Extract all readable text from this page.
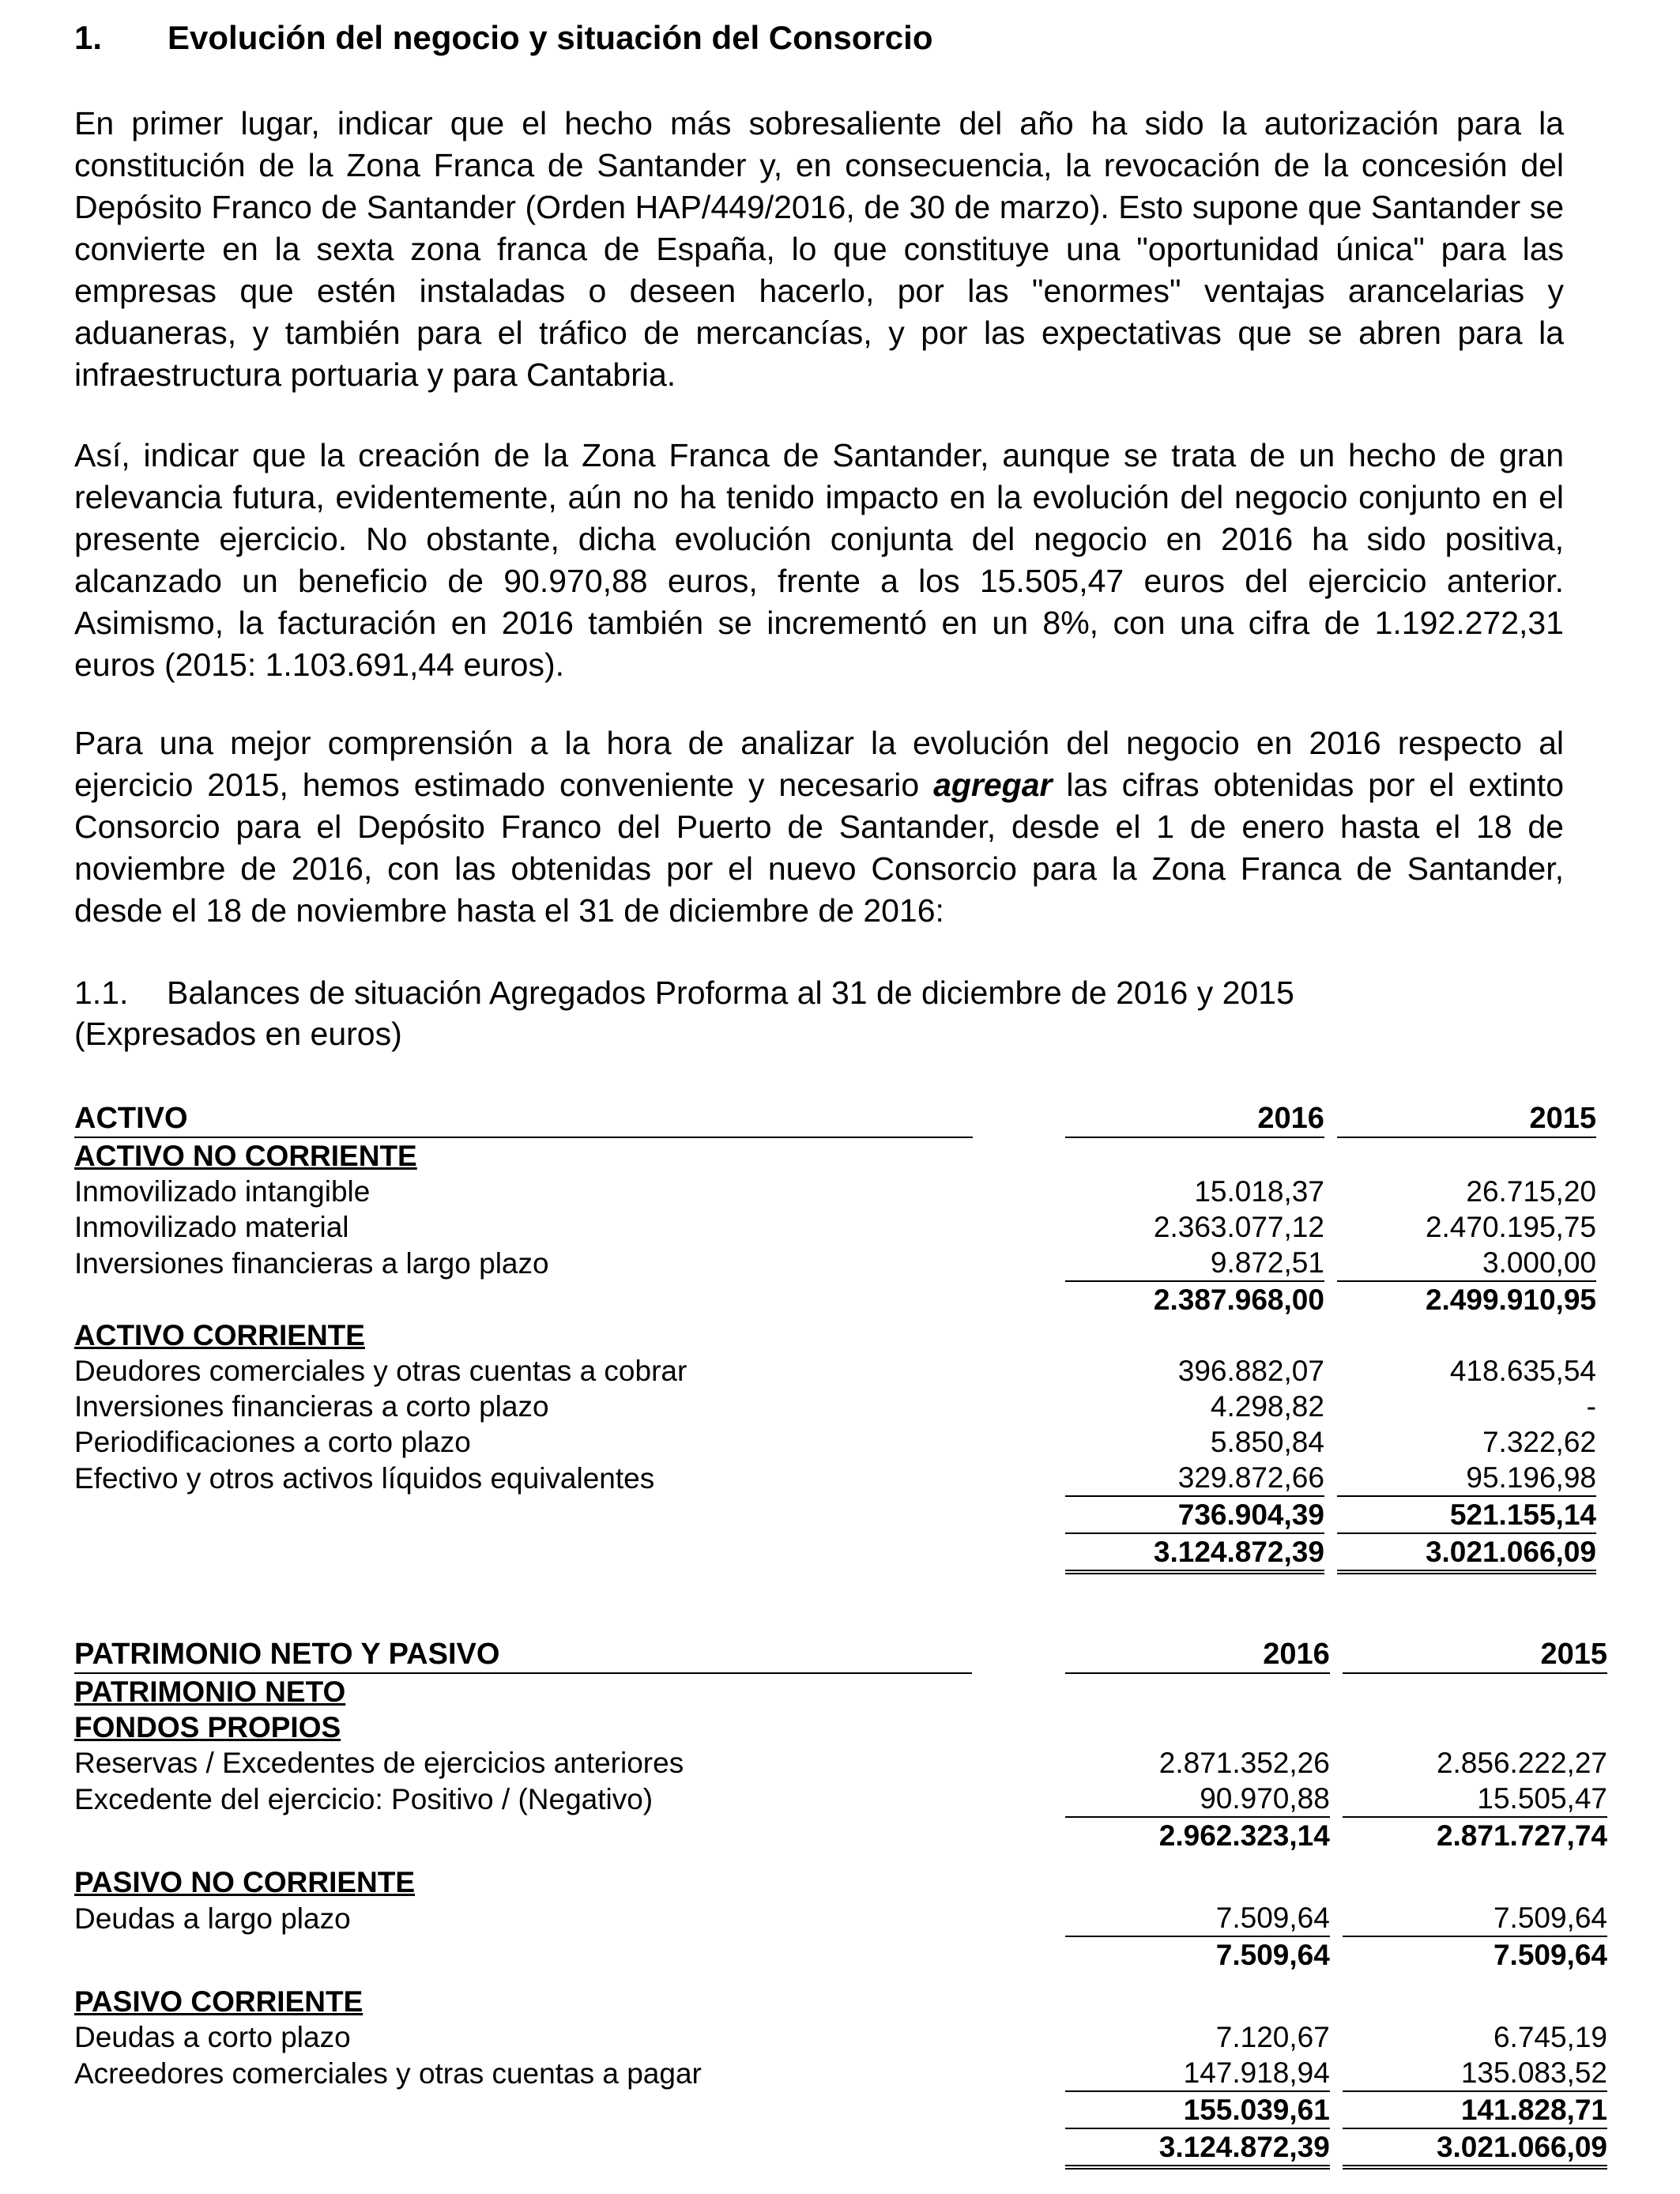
1. Evolución del negocio y situación del Consorcio

En primer lugar, indicar que el hecho más sobresaliente del año ha sido la autorización para la constitución de la Zona Franca de Santander y, en consecuencia, la revocación de la concesión del Depósito Franco de Santander (Orden HAP/449/2016, de 30 de marzo). Esto supone que Santander se convierte en la sexta zona franca de España, lo que constituye una "oportunidad única" para las empresas que estén instaladas o deseen hacerlo, por las "enormes" ventajas arancelarias y aduaneras, y también para el tráfico de mercancías, y por las expectativas que se abren para la infraestructura portuaria y para Cantabria.

Así, indicar que la creación de la Zona Franca de Santander, aunque se trata de un hecho de gran relevancia futura, evidentemente, aún no ha tenido impacto en la evolución del negocio conjunto en el presente ejercicio. No obstante, dicha evolución conjunta del negocio en 2016 ha sido positiva, alcanzado un beneficio de 90.970,88 euros, frente a los 15.505,47 euros del ejercicio anterior. Asimismo, la facturación en 2016 también se incrementó en un 8%, con una cifra de 1.192.272,31 euros (2015: 1.103.691,44 euros).

Para una mejor comprensión a la hora de analizar la evolución del negocio en 2016 respecto al ejercicio 2015, hemos estimado conveniente y necesario agregar las cifras obtenidas por el extinto Consorcio para el Depósito Franco del Puerto de Santander, desde el 1 de enero hasta el 18 de noviembre de 2016, con las obtenidas por el nuevo Consorcio para la Zona Franca de Santander, desde el 18 de noviembre hasta el 31 de diciembre de 2016:

1.1. Balances de situación Agregados Proforma al 31 de diciembre de 2016 y 2015
(Expresados en euros)
ACTIVO		2016		2015
ACTIVO NO CORRIENTE				
Inmovilizado intangible		15.018,37		26.715,20
Inmovilizado material		2.363.077,12		2.470.195,75
Inversiones financieras a largo plazo		9.872,51		3.000,00
		2.387.968,00		2.499.910,95
ACTIVO CORRIENTE				
Deudores comerciales y otras cuentas a cobrar		396.882,07		418.635,54
Inversiones financieras a corto plazo		4.298,82		-
Periodificaciones a corto plazo		5.850,84		7.322,62
Efectivo y otros activos líquidos equivalentes		329.872,66		95.196,98
		736.904,39		521.155,14
		3.124.872,39		3.021.066,09
PATRIMONIO NETO Y PASIVO		2016		2015
PATRIMONIO NETO				
FONDOS PROPIOS				
Reservas / Excedentes de ejercicios anteriores		2.871.352,26		2.856.222,27
Excedente del ejercicio: Positivo / (Negativo)		90.970,88		15.505,47
		2.962.323,14		2.871.727,74

PASIVO NO CORRIENTE				
Deudas a largo plazo		7.509,64		7.509,64
		7.509,64		7.509,64

PASIVO CORRIENTE				
Deudas a corto plazo		7.120,67		6.745,19
Acreedores comerciales y otras cuentas a pagar		147.918,94		135.083,52
		155.039,61		141.828,71
		3.124.872,39		3.021.066,09
